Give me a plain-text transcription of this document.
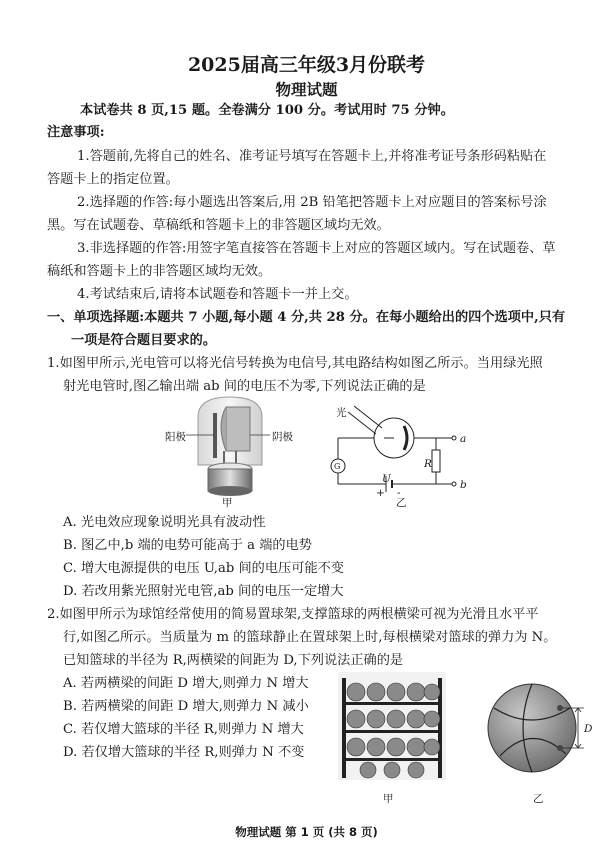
2025届高三年级3月份联考
物理试题
本试卷共 8 页,15 题。全卷满分 100 分。考试用时 75 分钟。
注意事项:
1.答题前,先将自己的姓名、准考证号填写在答题卡上,并将准考证号条形码粘贴在
答题卡上的指定位置。
2.选择题的作答:每小题选出答案后,用 2B 铅笔把答题卡上对应题目的答案标号涂
黑。写在试题卷、草稿纸和答题卡上的非答题区域均无效。
3.非选择题的作答:用签字笔直接答在答题卡上对应的答题区域内。写在试题卷、草
稿纸和答题卡上的非答题区域均无效。
4.考试结束后,请将本试题卷和答题卡一并上交。
一、单项选择题:本题共 7 小题,每小题 4 分,共 28 分。在每小题给出的四个选项中,只有
一项是符合题目要求的。
1.如图甲所示,光电管可以将光信号转换为电信号,其电路结构如图乙所示。当用绿光照
射光电管时,图乙输出端 ab 间的电压不为零,下列说法正确的是
阳极	阴极
甲
光
G
a
b
R
U
+ -
乙
A. 光电效应现象说明光具有波动性
B. 图乙中,b 端的电势可能高于 a 端的电势
C. 增大电源提供的电压 U,ab 间的电压可能不变
D. 若改用紫光照射光电管,ab 间的电压一定增大
2.如图甲所示为球馆经常使用的简易置球架,支撑篮球的两根横梁可视为光滑且水平平
行,如图乙所示。当质量为 m 的篮球静止在置球架上时,每根横梁对篮球的弹力为 N。
已知篮球的半径为 R,两横梁的间距为 D,下列说法正确的是
A. 若两横梁的间距 D 增大,则弹力 N 增大
B. 若两横梁的间距 D 增大,则弹力 N 减小
C. 若仅增大篮球的半径 R,则弹力 N 增大
D. 若仅增大篮球的半径 R,则弹力 N 不变
甲
D
乙
物理试题 第 1 页 (共 8 页)
